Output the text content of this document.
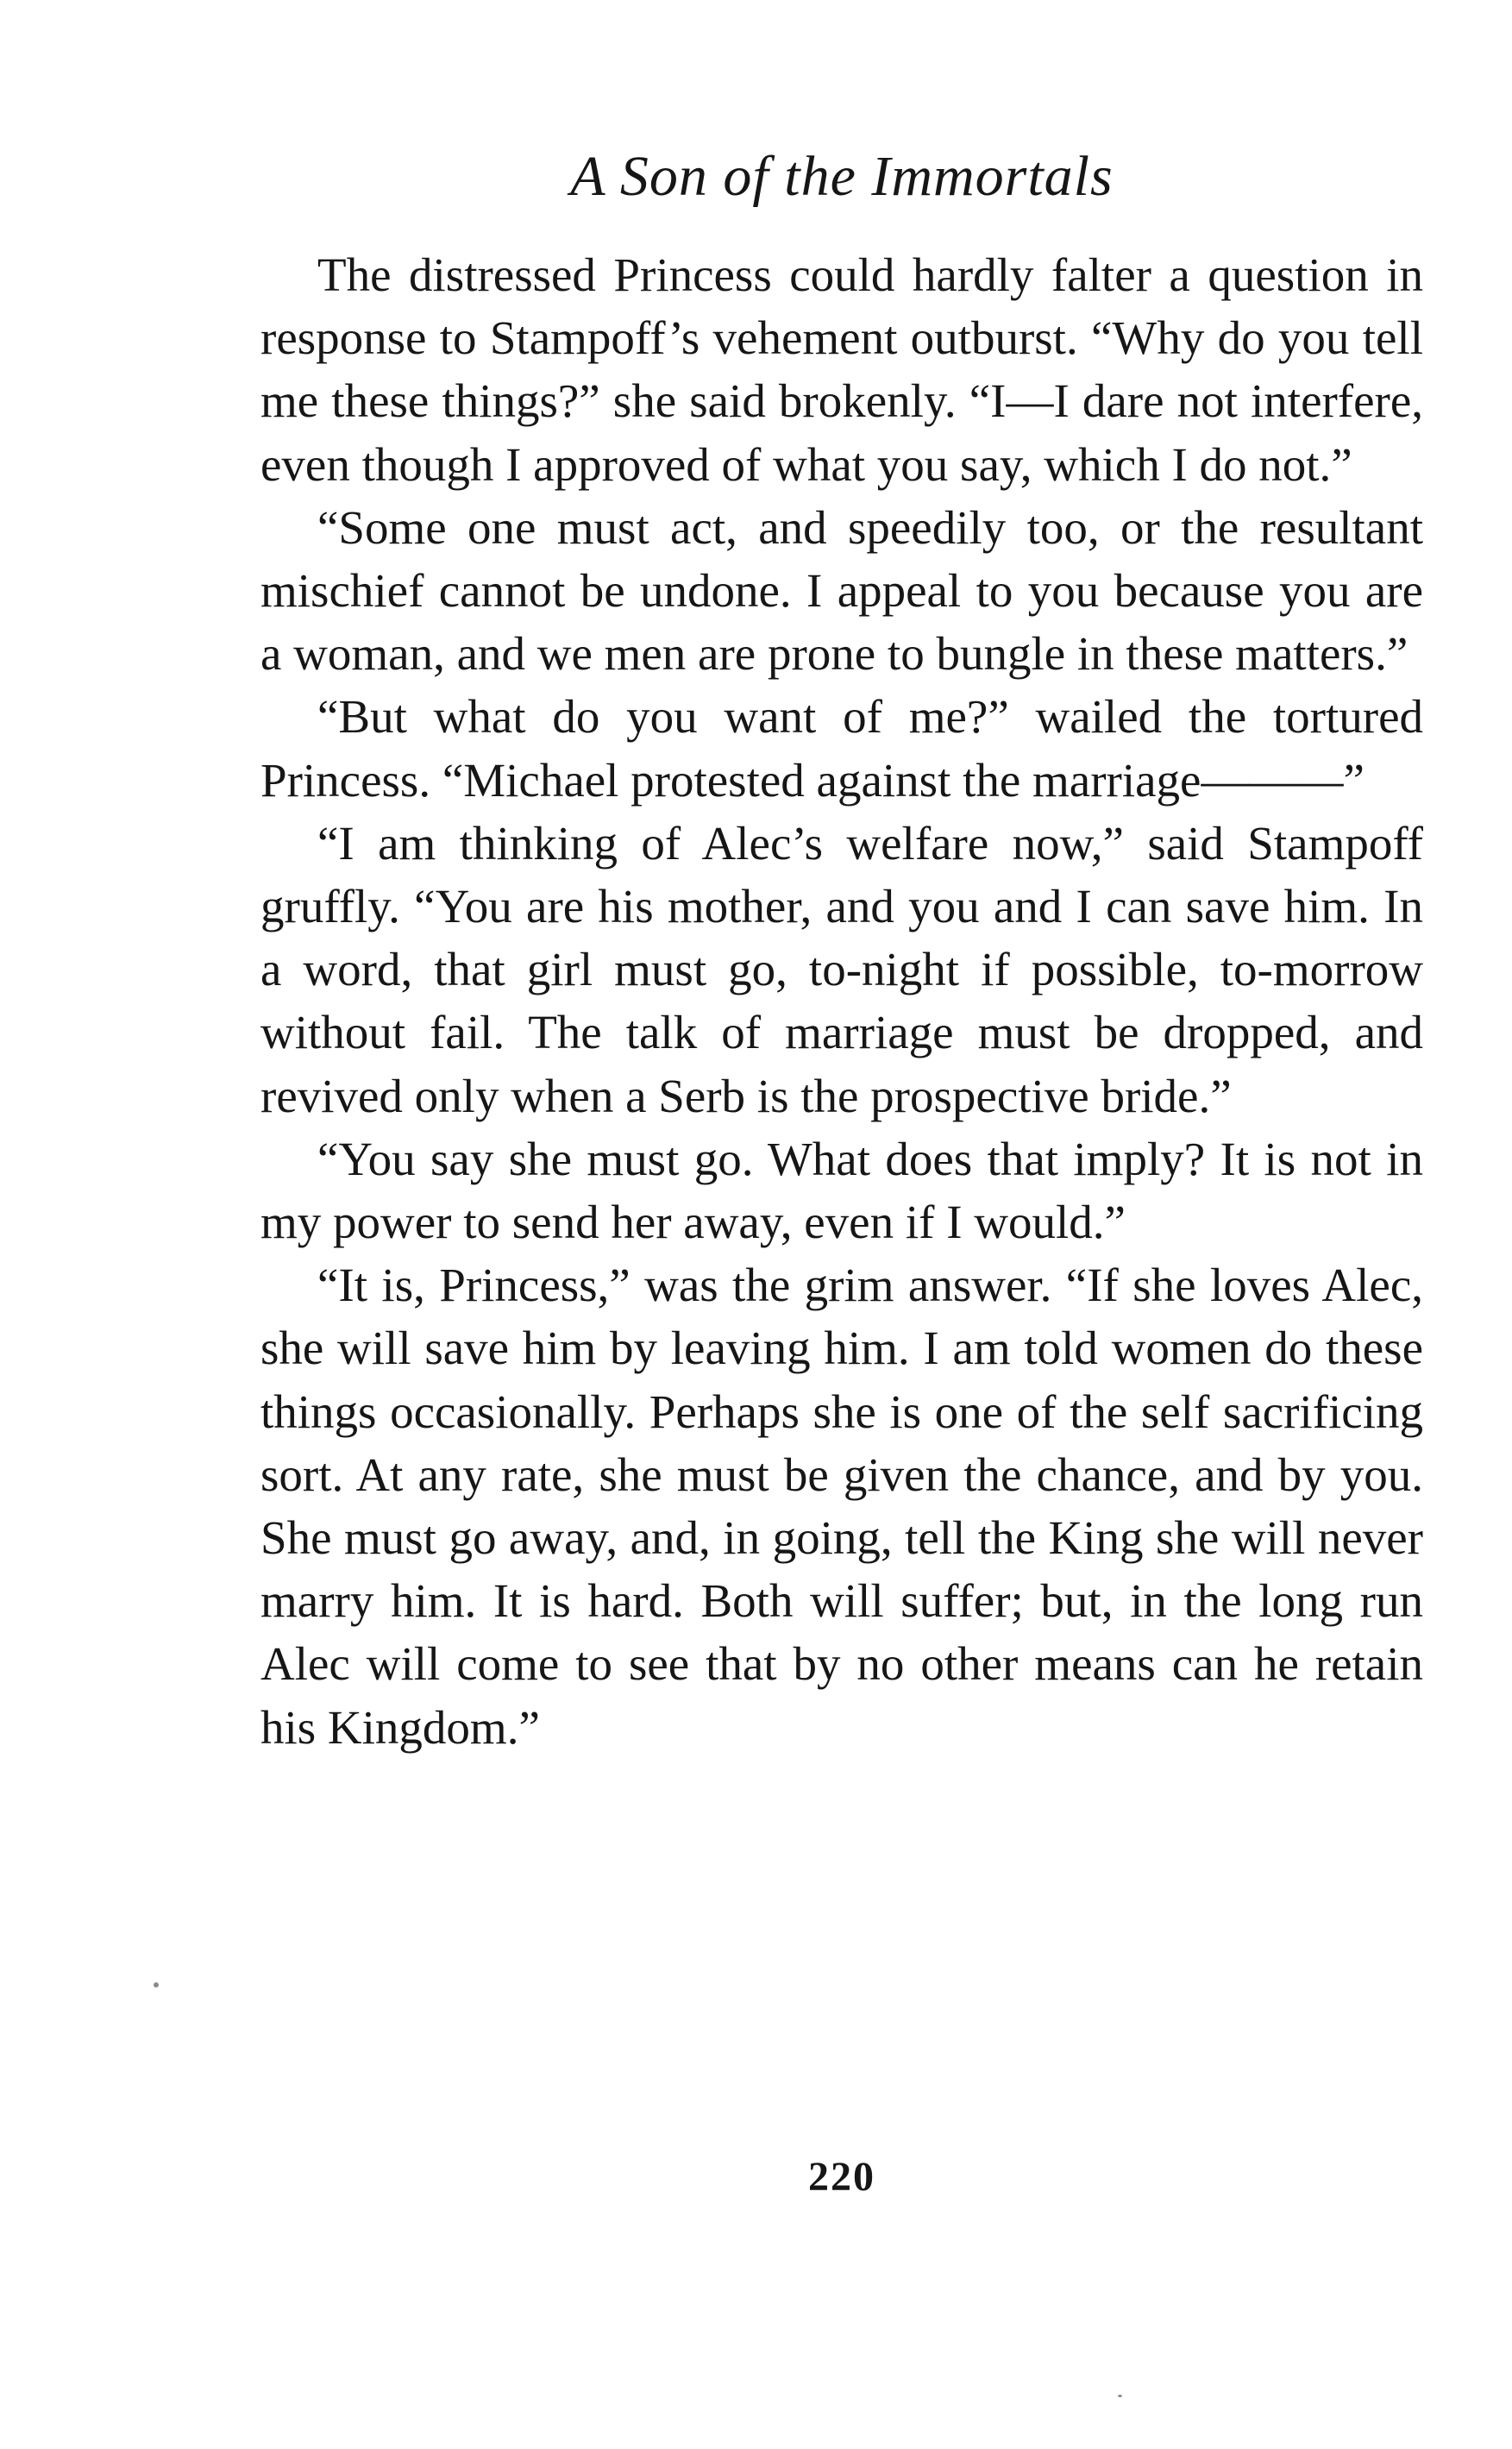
A Son of the Immortals

The distressed Princess could hardly falter a question in response to Stampoff’s vehement outburst. “Why do you tell me these things?” she said brokenly. “I—I dare not interfere, even though I approved of what you say, which I do not.”

“Some one must act, and speedily too, or the resultant mischief cannot be undone. I appeal to you because you are a woman, and we men are prone to bungle in these matters.”

“But what do you want of me?” wailed the tortured Princess. “Michael protested against the marriage———”

“I am thinking of Alec’s welfare now,” said Stampoff gruffly. “You are his mother, and you and I can save him. In a word, that girl must go, to-night if possible, to-morrow without fail. The talk of marriage must be dropped, and revived only when a Serb is the prospective bride.”

“You say she must go. What does that imply? It is not in my power to send her away, even if I would.”

“It is, Princess,” was the grim answer. “If she loves Alec, she will save him by leaving him. I am told women do these things occasionally. Perhaps she is one of the self sacrificing sort. At any rate, she must be given the chance, and by you. She must go away, and, in going, tell the King she will never marry him. It is hard. Both will suffer; but, in the long run Alec will come to see that by no other means can he retain his Kingdom.”

220
